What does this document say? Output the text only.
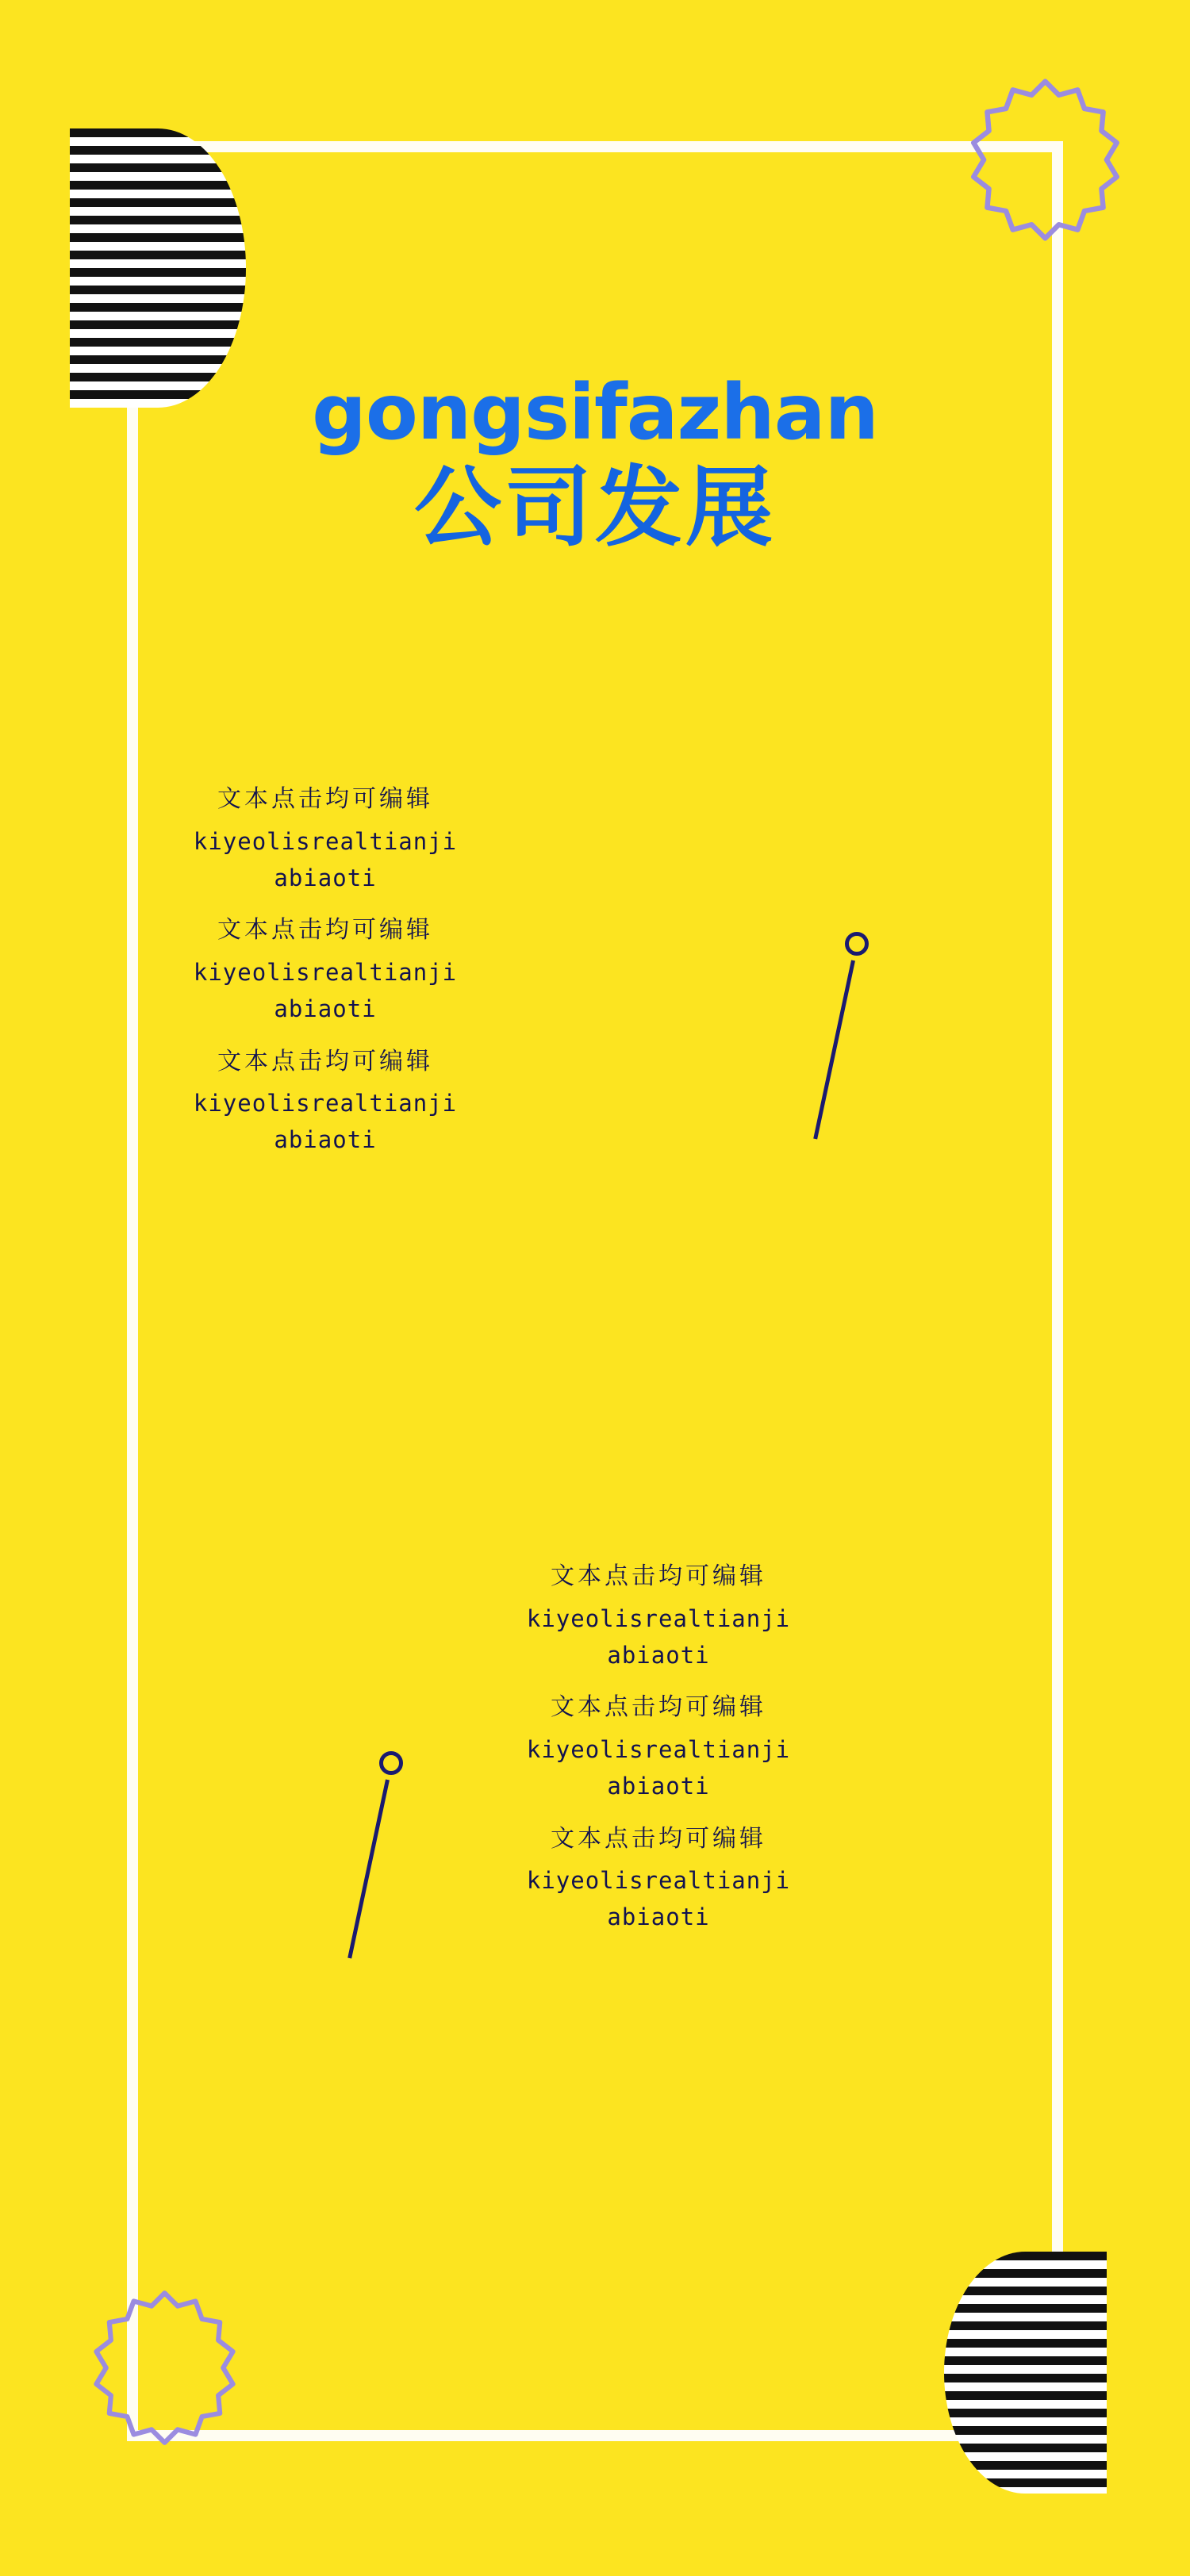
gongsifazhan
公司发展

文本点击均可编辑

kiyeolisrealtianji

abiaoti

文本点击均可编辑

kiyeolisrealtianji

abiaoti

文本点击均可编辑

kiyeolisrealtianji

abiaoti

文本点击均可编辑

kiyeolisrealtianji

abiaoti

文本点击均可编辑

kiyeolisrealtianji

abiaoti

文本点击均可编辑

kiyeolisrealtianji

abiaoti
